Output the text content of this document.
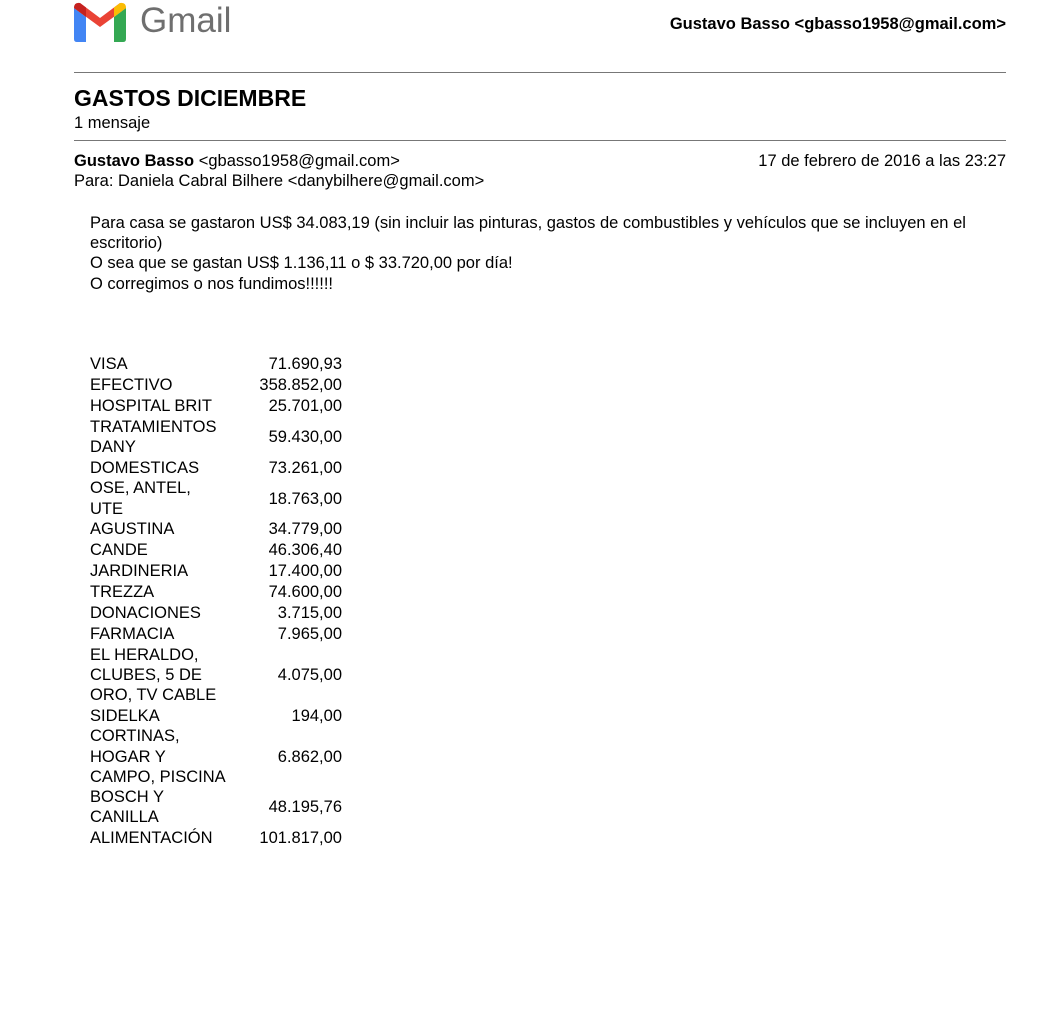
Gmail	Gustavo Basso <gbasso1958@gmail.com>
GASTOS DICIEMBRE
1 mensaje
Gustavo Basso <gbasso1958@gmail.com>	17 de febrero de 2016 a las 23:27
Para: Daniela Cabral Bilhere <danybilhere@gmail.com>

Para casa se gastaron US$ 34.083,19 (sin incluir las pinturas, gastos de combustibles y vehículos que se incluyen en el escritorio)

O sea que se gastan US$ 1.136,11 o $ 33.720,00 por día!

O corregimos o nos fundimos!!!!!!

VISA	71.690,93
EFECTIVO	358.852,00
HOSPITAL BRIT	25.701,00
TRATAMIENTOS DANY	59.430,00
DOMESTICAS	73.261,00
OSE, ANTEL, UTE	18.763,00
AGUSTINA	34.779,00
CANDE	46.306,40
JARDINERIA	17.400,00
TREZZA	74.600,00
DONACIONES	3.715,00
FARMACIA	7.965,00
EL HERALDO, CLUBES, 5 DE ORO, TV CABLE	4.075,00
SIDELKA	194,00
CORTINAS, HOGAR Y CAMPO, PISCINA	6.862,00
BOSCH Y CANILLA	48.195,76
ALIMENTACIÓN	101.817,00
